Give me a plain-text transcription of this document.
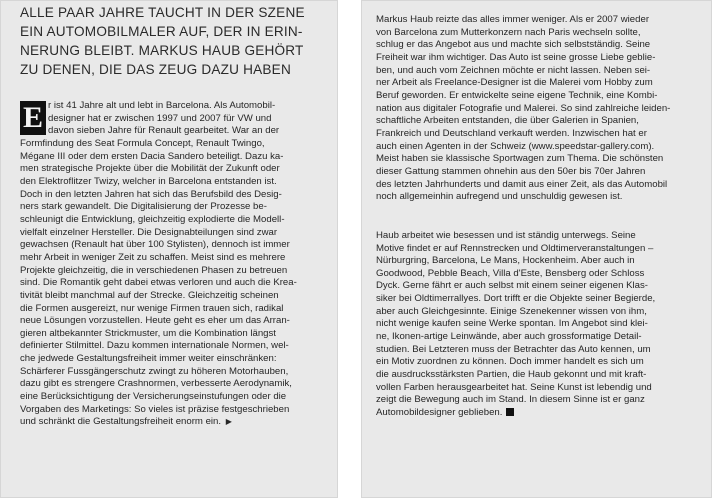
ALLE PAAR JAHRE TAUCHT IN DER SZENE
EIN AUTOMOBILMALER AUF, DER IN ERIN-
NERUNG BLEIBT. MARKUS HAUB GEHÖRT
ZU DENEN, DIE DAS ZEUG DAZU HABEN
E r ist 41 Jahre alt und lebt in Barcelona. Als Automobil-
designer hat er zwischen 1997 und 2007 für VW und
davon sieben Jahre für Renault gearbeitet. War an der
Formfindung des Seat Formula Concept, Renault Twingo,
Mégane III oder dem ersten Dacia Sandero beteiligt. Dazu ka-
men strategische Projekte über die Mobilität der Zukunft oder
den Elektroflitzer Twizy, welcher in Barcelona entstanden ist.
Doch in den letzten Jahren hat sich das Berufsbild des Desig-
ners stark gewandelt. Die Digitalisierung der Prozesse be-
schleunigt die Entwicklung, gleichzeitig explodierte die Modell-
vielfalt einzelner Hersteller. Die Designabteilungen sind zwar
gewachsen (Renault hat über 100 Stylisten), dennoch ist immer
mehr Arbeit in weniger Zeit zu schaffen. Meist sind es mehrere
Projekte gleichzeitig, die in verschiedenen Phasen zu betreuen
sind. Die Romantik geht dabei etwas verloren und auch die Krea-
tivität bleibt manchmal auf der Strecke. Gleichzeitig scheinen
die Formen ausgereizt, nur wenige Firmen trauen sich, radikal
neue Lösungen vorzustellen. Heute geht es eher um das Arran-
gieren altbekannter Strickmuster, um die Kombination längst
definierter Stilmittel. Dazu kommen internationale Normen, wel-
che jedwede Gestaltungsfreiheit immer weiter einschränken:
Schärferer Fussgängerschutz zwingt zu höheren Motorhauben,
dazu gibt es strengere Crashnormen, verbesserte Aerodynamik,
eine Berücksichtigung der Versicherungseinstufungen oder die
Vorgaben des Marketings: So vieles ist präzise festgeschrieben
und schränkt die Gestaltungsfreiheit enorm ein. ▶
Markus Haub reizte das alles immer weniger. Als er 2007 wieder
von Barcelona zum Mutterkonzern nach Paris wechseln sollte,
schlug er das Angebot aus und machte sich selbstständig. Seine
Freiheit war ihm wichtiger. Das Auto ist seine grosse Liebe geblie-
ben, und auch vom Zeichnen möchte er nicht lassen. Neben sei-
ner Arbeit als Freelance-Designer ist die Malerei vom Hobby zum
Beruf geworden. Er entwickelte seine eigene Technik, eine Kombi-
nation aus digitaler Fotografie und Malerei. So sind zahlreiche leiden-
schaftliche Arbeiten entstanden, die über Galerien in Spanien,
Frankreich und Deutschland verkauft werden. Inzwischen hat er
auch einen Agenten in der Schweiz (www.speedstar-gallery.com).
Meist haben sie klassische Sportwagen zum Thema. Die schönsten
dieser Gattung stammen ohnehin aus den 50er bis 70er Jahren
des letzten Jahrhunderts und damit aus einer Zeit, als das Automobil
noch allgemeinhin aufregend und unschuldig gewesen ist.
Haub arbeitet wie besessen und ist ständig unterwegs. Seine
Motive findet er auf Rennstrecken und Oldtimerveranstaltungen –
Nürburgring, Barcelona, Le Mans, Hockenheim. Aber auch in
Goodwood, Pebble Beach, Villa d'Este, Bensberg oder Schloss
Dyck. Gerne fährt er auch selbst mit einem seiner eigenen Klas-
siker bei Oldtimerrallyes. Dort trifft er die Objekte seiner Begierde,
aber auch Gleichgesinnte. Einige Szenekenner wissen von ihm,
nicht wenige kaufen seine Werke spontan. Im Angebot sind klei-
ne, Ikonen-artige Leinwände, aber auch grossformatige Detail-
studien. Bei Letzteren muss der Betrachter das Auto kennen, um
ein Motiv zuordnen zu können. Doch immer handelt es sich um
die ausdrucksstärksten Partien, die Haub gekonnt und mit kraft-
vollen Farben herausgearbeitet hat. Seine Kunst ist lebendig und
zeigt die Bewegung auch im Stand. In diesem Sinne ist er ganz
Automobildesigner geblieben.
